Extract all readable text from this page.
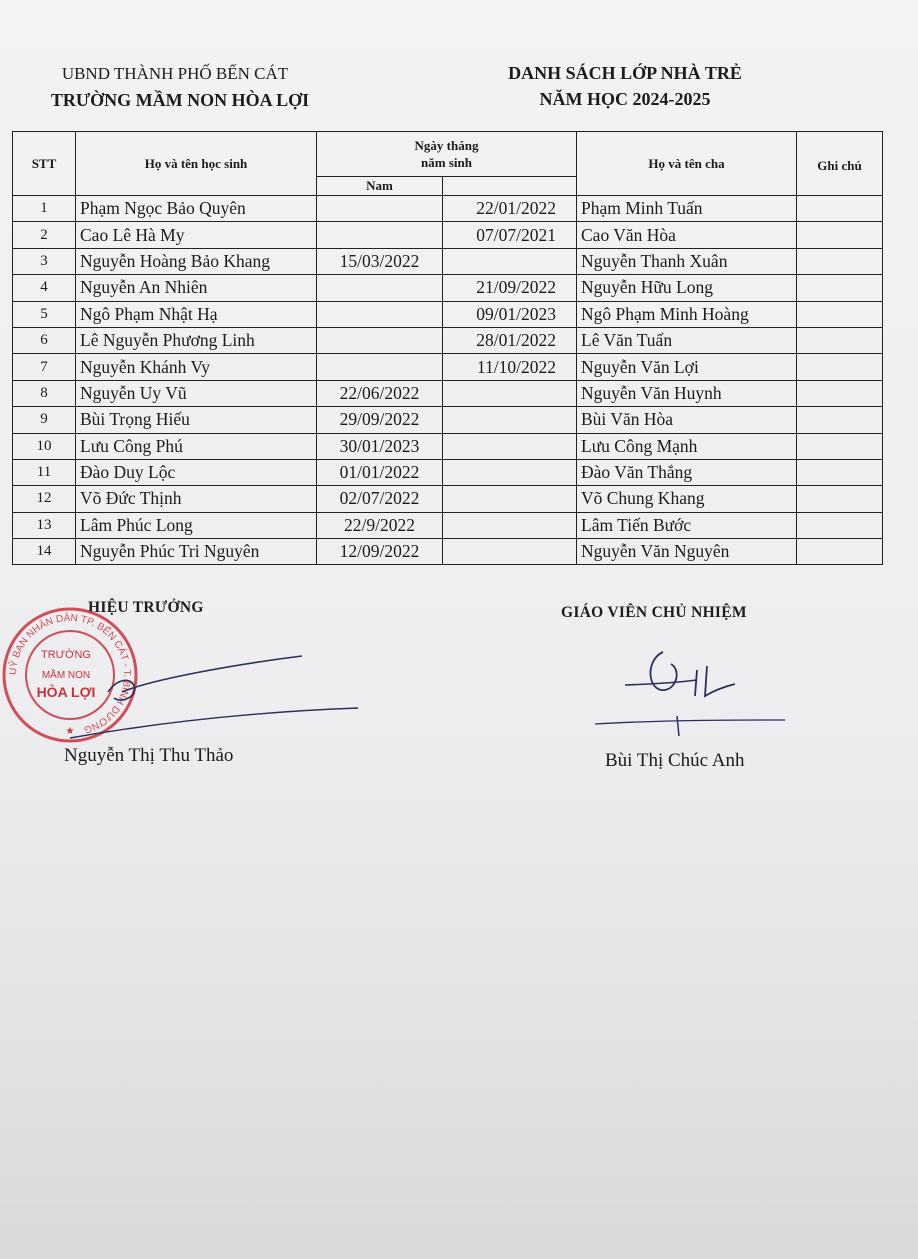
UBND THÀNH PHỐ BẾN CÁT
TRƯỜNG MẦM NON HÒA LỢI
DANH SÁCH LỚP NHÀ TRẺ
NĂM HỌC 2024-2025
STT	Họ và tên học sinh	Ngày tháng
năm sinh		Họ và tên cha	Ghi chú
		Nam			
1	Phạm Ngọc Bảo Quyên		22/01/2022	Phạm Minh Tuấn	
2	Cao Lê Hà My		07/07/2021	Cao Văn Hòa	
3	Nguyễn Hoàng Bảo Khang	15/03/2022		Nguyễn Thanh Xuân	
4	Nguyễn An Nhiên		21/09/2022	Nguyễn Hữu Long	
5	Ngô Phạm Nhật Hạ		09/01/2023	Ngô Phạm Minh Hoàng	
6	Lê Nguyễn Phương Linh		28/01/2022	Lê Văn Tuấn	
7	Nguyễn Khánh Vy		11/10/2022	Nguyễn Văn Lợi	
8	Nguyễn Uy Vũ	22/06/2022		Nguyễn Văn Huynh	
9	Bùi Trọng Hiếu	29/09/2022		Bùi Văn Hòa	
10	Lưu Công Phú	30/01/2023		Lưu Công Mạnh	
11	Đào Duy Lộc	01/01/2022		Đào Văn Thắng	
12	Võ Đức Thịnh	02/07/2022		Võ Chung Khang	
13	Lâm Phúc Long	22/9/2022		Lâm Tiến Bước	
14	Nguyễn Phúc Tri Nguyên	12/09/2022		Nguyễn Văn Nguyên	
HIỆU TRƯỞNG
UỶ BAN NHÂN DÂN TP. BẾN CÁT - T. BÌNH DƯƠNG
TRƯỜNG
MẦM NON
HÒA LỢI
★
Nguyễn Thị Thu Thảo
GIÁO VIÊN CHỦ NHIỆM
Bùi Thị Chúc Anh
